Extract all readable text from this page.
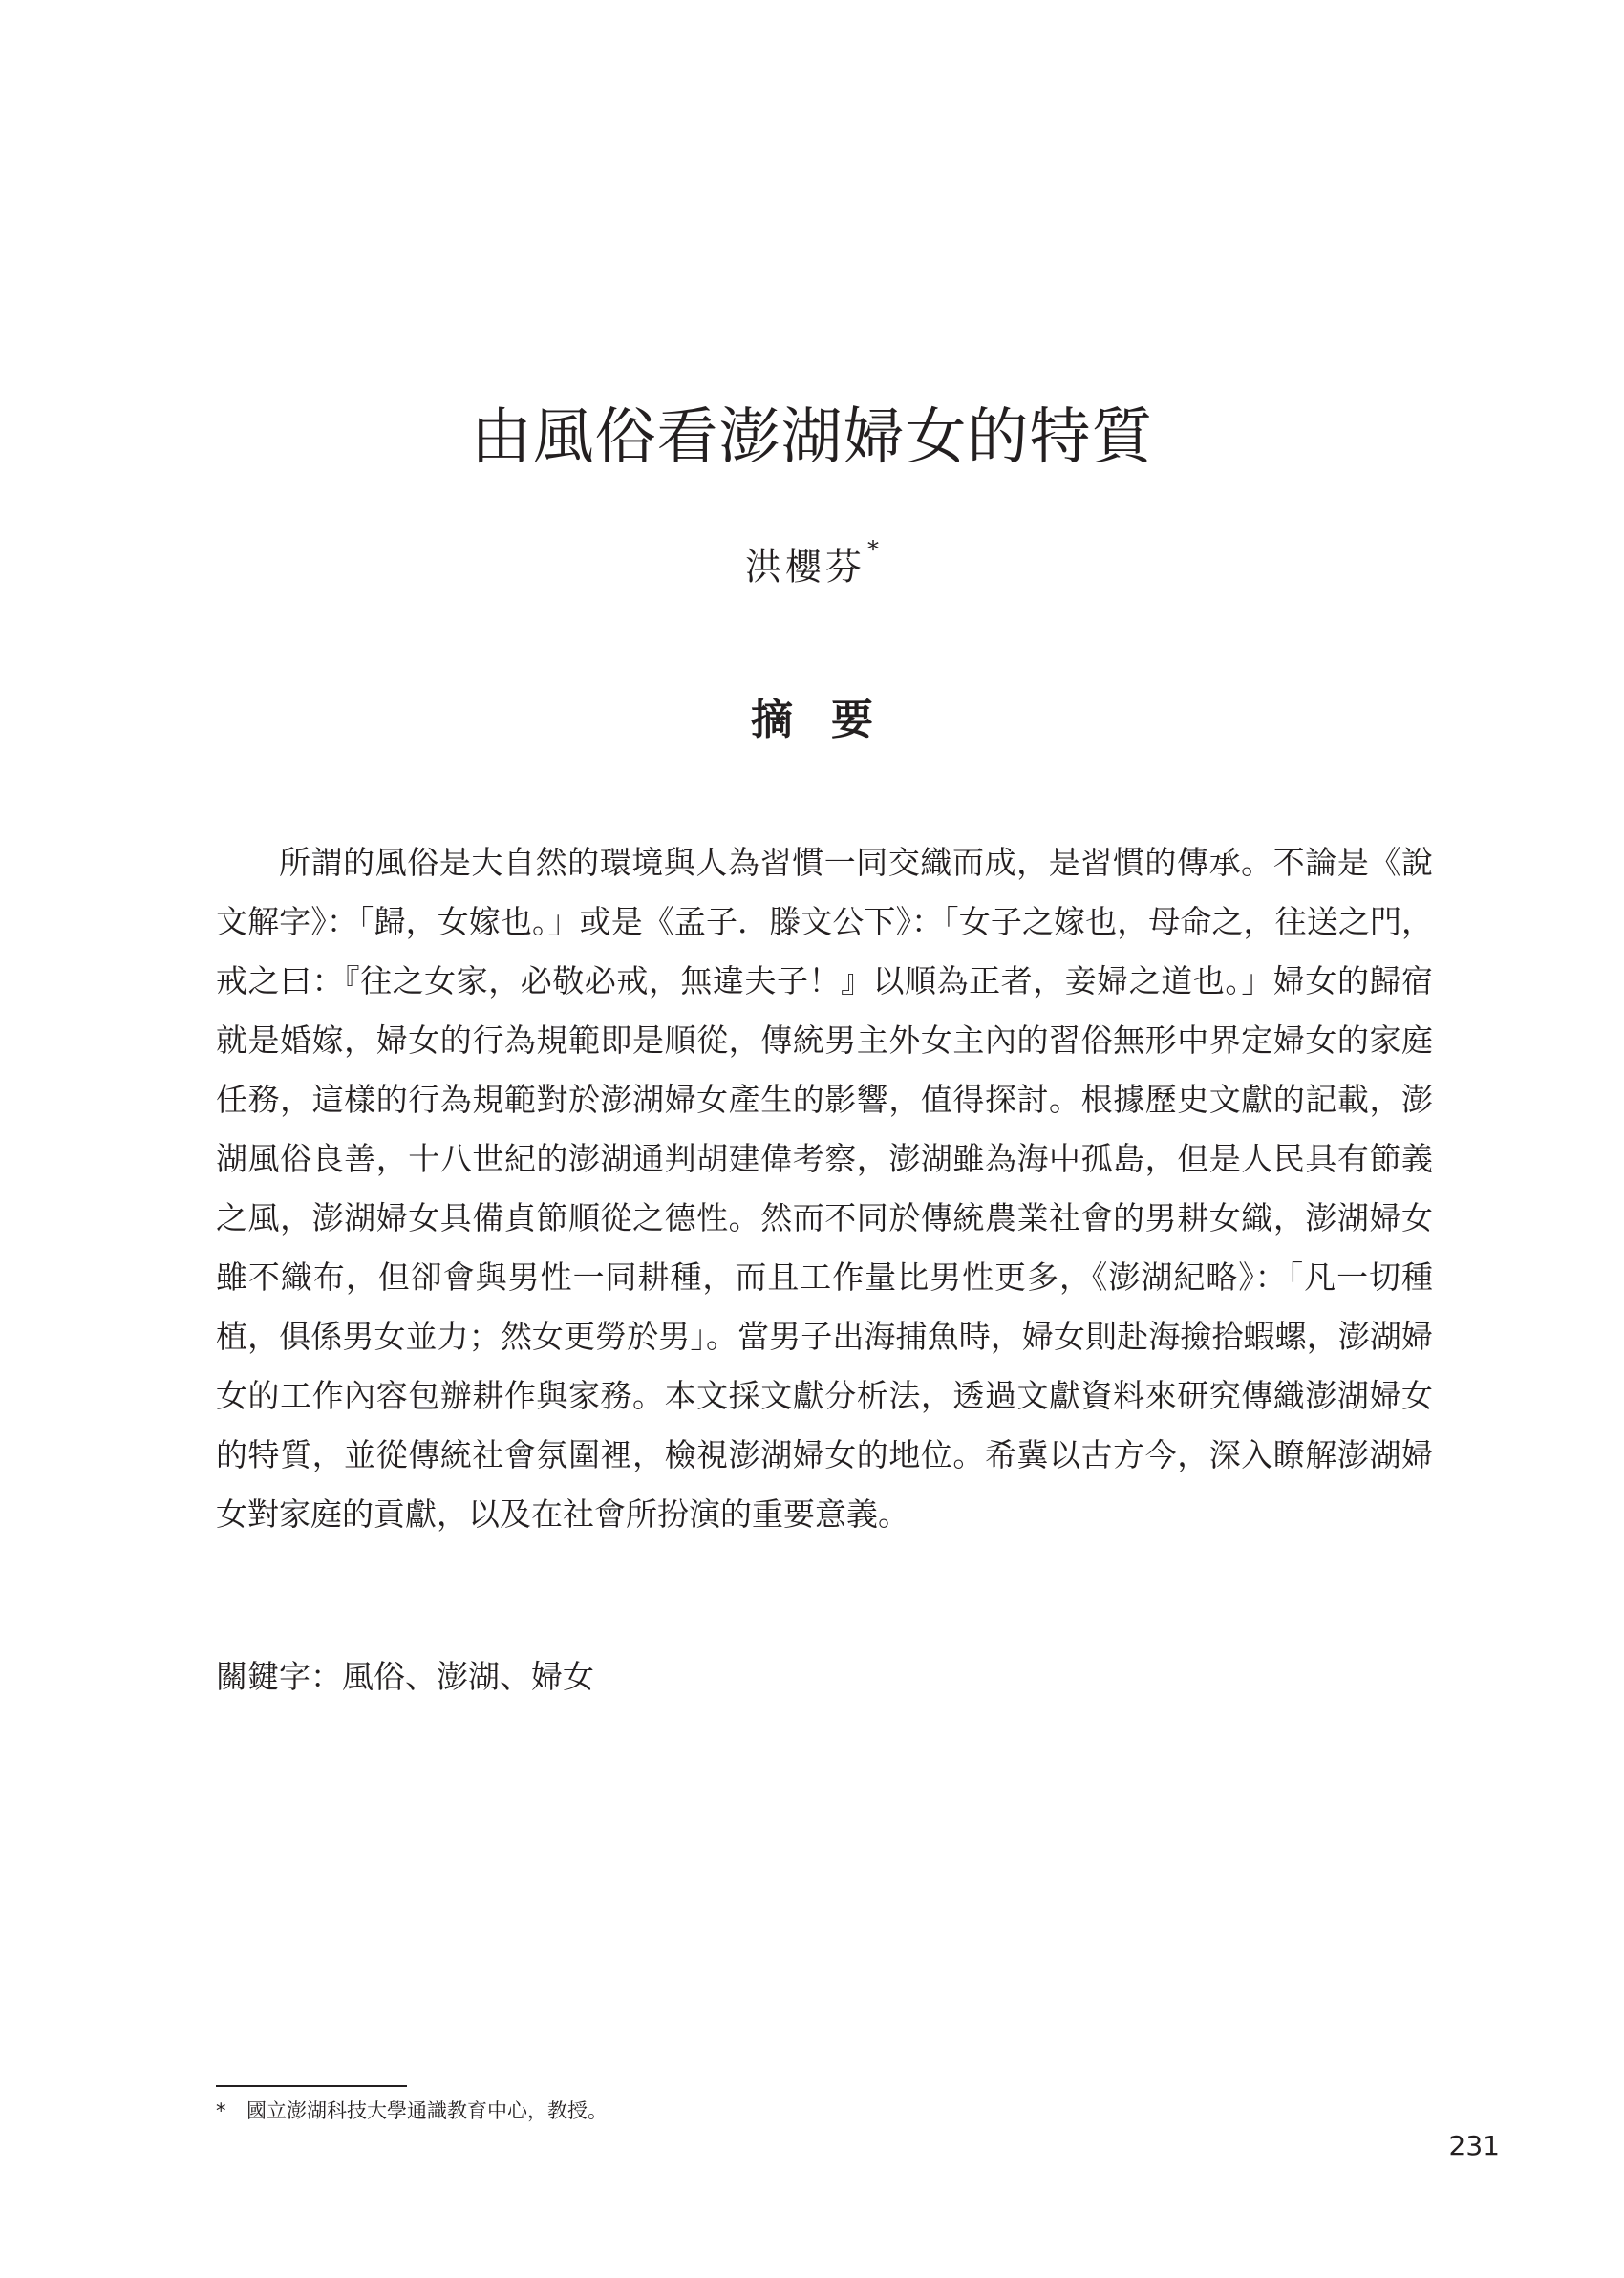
由風俗看澎湖婦女的特質
洪櫻芬*
摘要
所謂的風俗是大自然的環境與人為習慣一同交織而成，是習慣的傳承。不論是《說文解字》：「歸，女嫁也。」或是《孟子．滕文公下》：「女子之嫁也，母命之，往送之門，戒之曰：『往之女家，必敬必戒，無違夫子！』以順為正者，妾婦之道也。」婦女的歸宿就是婚嫁，婦女的行為規範即是順從，傳統男主外女主內的習俗無形中界定婦女的家庭任務，這樣的行為規範對於澎湖婦女產生的影響，值得探討。根據歷史文獻的記載，澎湖風俗良善，十八世紀的澎湖通判胡建偉考察，澎湖雖為海中孤島，但是人民具有節義之風，澎湖婦女具備貞節順從之德性。然而不同於傳統農業社會的男耕女織，澎湖婦女雖不織布，但卻會與男性一同耕種，而且工作量比男性更多，《澎湖紀略》：「凡一切種植，俱係男女並力；然女更勞於男」。當男子出海捕魚時，婦女則赴海撿拾蝦螺，澎湖婦女的工作內容包辦耕作與家務。本文採文獻分析法，透過文獻資料來研究傳織澎湖婦女的特質，並從傳統社會氛圍裡，檢視澎湖婦女的地位。希冀以古方今，深入瞭解澎湖婦女對家庭的貢獻，以及在社會所扮演的重要意義。
關鍵字：風俗、澎湖、婦女
* 國立澎湖科技大學通識教育中心，教授。
231
